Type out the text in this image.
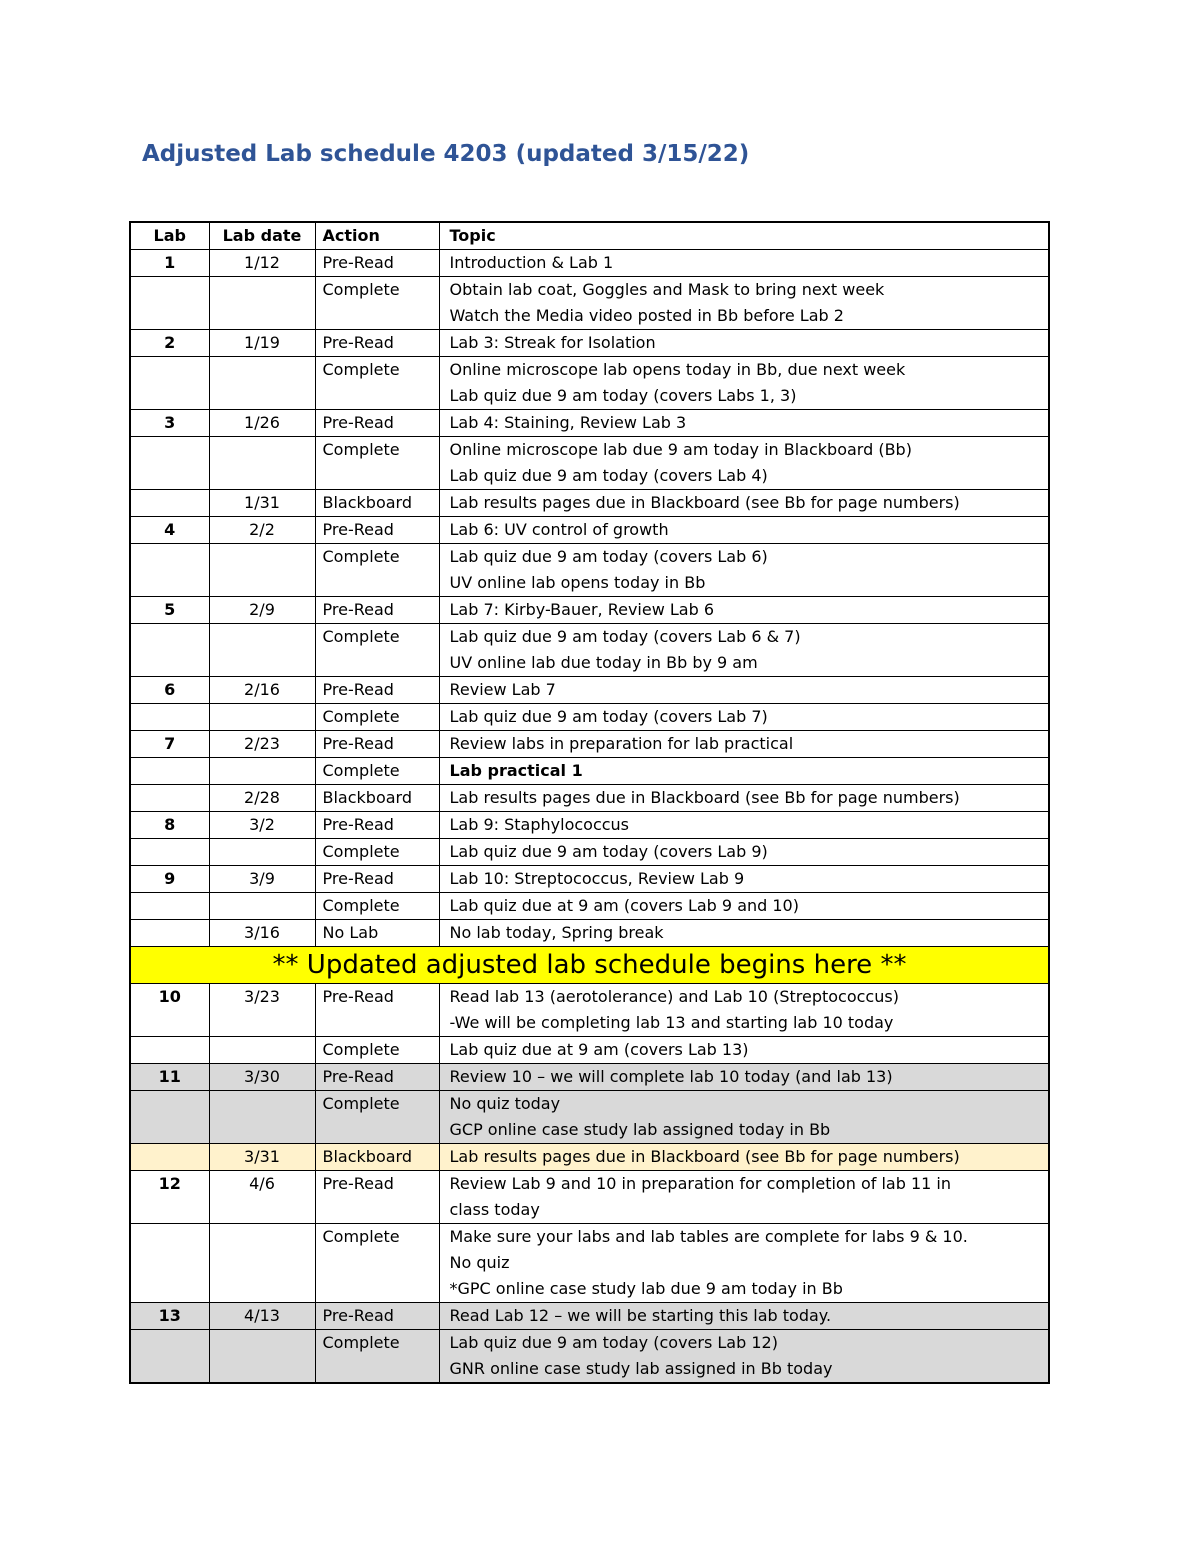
Adjusted Lab schedule 4203 (updated 3/15/22)
Lab	Lab date	Action	Topic
1	1/12	Pre-Read	Introduction & Lab 1

		Complete	Obtain lab coat, Goggles and Mask to bring next week
Watch the Media video posted in Bb before Lab 2

2	1/19	Pre-Read	Lab 3: Streak for Isolation

		Complete	Online microscope lab opens today in Bb, due next week
Lab quiz due 9 am today (covers Labs 1, 3)

3	1/26	Pre-Read	Lab 4: Staining, Review Lab 3

		Complete	Online microscope lab due 9 am today in Blackboard (Bb)
Lab quiz due 9 am today (covers Lab 4)

	1/31	Blackboard	Lab results pages due in Blackboard (see Bb for page numbers)

4	2/2	Pre-Read	Lab 6: UV control of growth

		Complete	Lab quiz due 9 am today (covers Lab 6)
UV online lab opens today in Bb

5	2/9	Pre-Read	Lab 7: Kirby-Bauer, Review Lab 6

		Complete	Lab quiz due 9 am today (covers Lab 6 & 7)
UV online lab due today in Bb by 9 am

6	2/16	Pre-Read	Review Lab 7

		Complete	Lab quiz due 9 am today (covers Lab 7)

7	2/23	Pre-Read	Review labs in preparation for lab practical

		Complete	Lab practical 1

	2/28	Blackboard	Lab results pages due in Blackboard (see Bb for page numbers)

8	3/2	Pre-Read	Lab 9: Staphylococcus

		Complete	Lab quiz due 9 am today (covers Lab 9)

9	3/9	Pre-Read	Lab 10: Streptococcus, Review Lab 9

		Complete	Lab quiz due at 9 am (covers Lab 9 and 10)

	3/16	No Lab	No lab today, Spring break

** Updated adjusted lab schedule begins here **			
10	3/23	Pre-Read	Read lab 13 (aerotolerance) and Lab 10 (Streptococcus)
-We will be completing lab 13 and starting lab 10 today

		Complete	Lab quiz due at 9 am (covers Lab 13)

11	3/30	Pre-Read	Review 10 – we will complete lab 10 today (and lab 13)

		Complete	No quiz today
GCP online case study lab assigned today in Bb

	3/31	Blackboard	Lab results pages due in Blackboard (see Bb for page numbers)

12	4/6	Pre-Read	Review Lab 9 and 10 in preparation for completion of lab 11 in
class today

		Complete	Make sure your labs and lab tables are complete for labs 9 & 10.
No quiz
*GPC online case study lab due 9 am today in Bb

13	4/13	Pre-Read	Read Lab 12 – we will be starting this lab today.

		Complete	Lab quiz due 9 am today (covers Lab 12)
GNR online case study lab assigned in Bb today
